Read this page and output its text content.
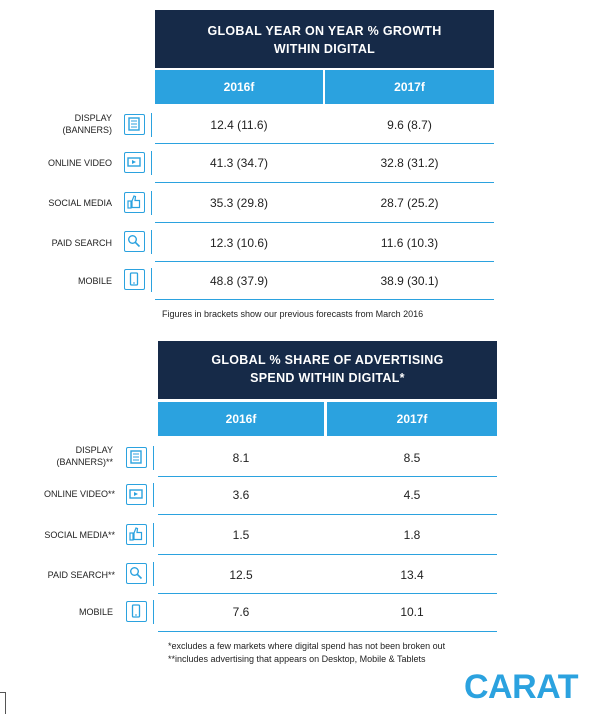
GLOBAL YEAR ON YEAR % GROWTH WITHIN DIGITAL
2016f	2017f
DISPLAY (BANNERS)	12.4 (11.6)	9.6 (8.7)
ONLINE VIDEO	41.3 (34.7)	32.8 (31.2)
SOCIAL MEDIA	35.3 (29.8)	28.7 (25.2)
PAID SEARCH	12.3 (10.6)	11.6 (10.3)
MOBILE	48.8 (37.9)	38.9 (30.1)
Figures in brackets show our previous forecasts from March 2016
GLOBAL % SHARE OF ADVERTISING SPEND WITHIN DIGITAL*
2016f	2017f
DISPLAY (BANNERS)**	8.1	8.5
ONLINE VIDEO**	3.6	4.5
SOCIAL MEDIA**	1.5	1.8
PAID SEARCH**	12.5	13.4
MOBILE	7.6	10.1
*excludes a few markets where digital spend has not been broken out
**includes advertising that appears on Desktop, Mobile & Tablets
CARAT
